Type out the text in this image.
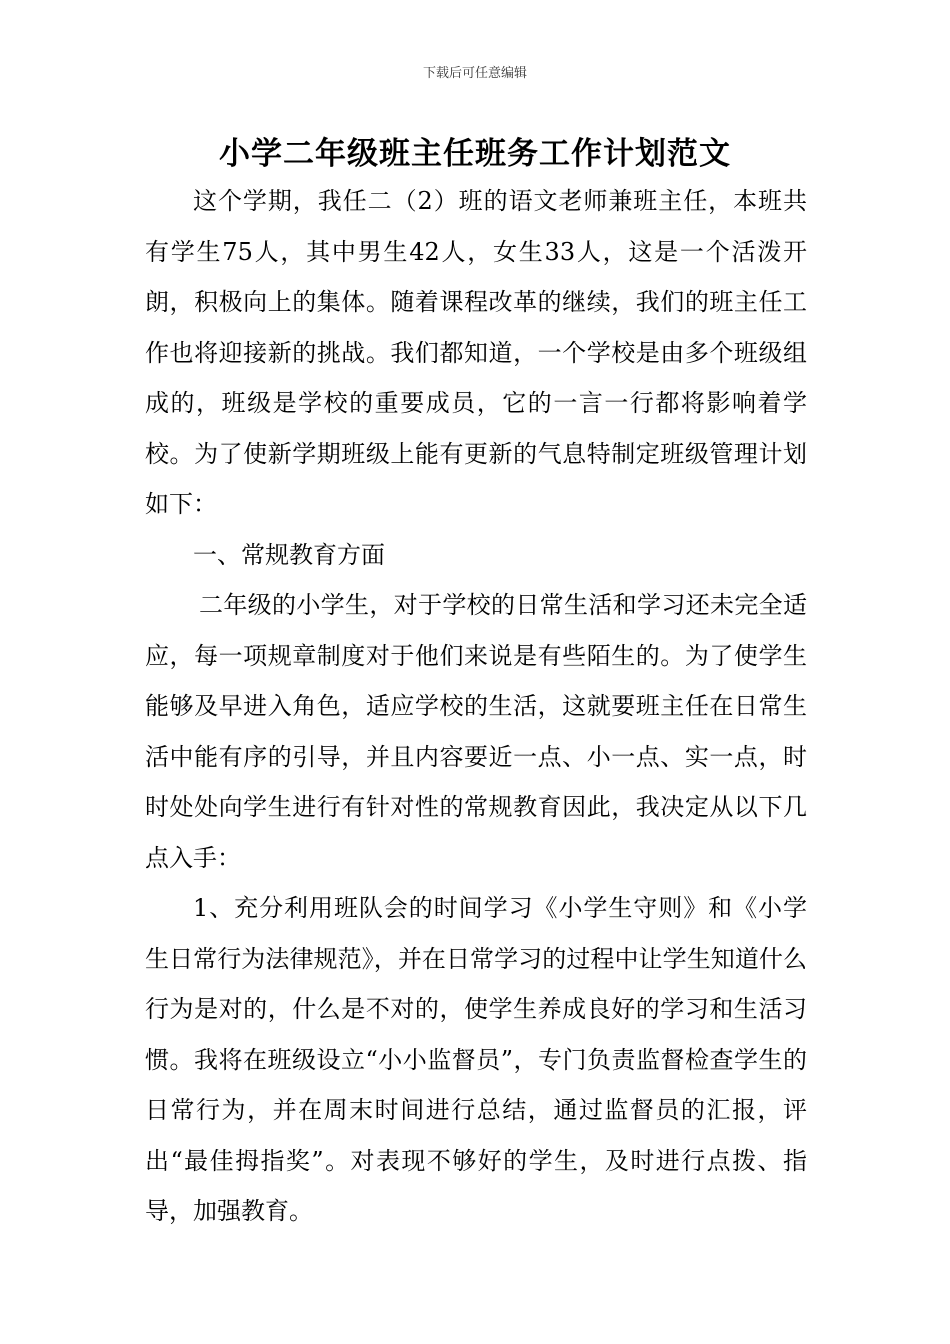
下载后可任意编辑
小学二年级班主任班务工作计划范文

这个学期，我任二（2）班的语文老师兼班主任，本班共有学生75人，其中男生42人，女生33人，这是一个活泼开朗，积极向上的集体。随着课程改革的继续，我们的班主任工作也将迎接新的挑战。我们都知道，一个学校是由多个班级组成的，班级是学校的重要成员，它的一言一行都将影响着学校。为了使新学期班级上能有更新的气息特制定班级管理计划如下：

一、常规教育方面

二年级的小学生，对于学校的日常生活和学习还未完全适应，每一项规章制度对于他们来说是有些陌生的。为了使学生能够及早进入角色，适应学校的生活，这就要班主任在日常生活中能有序的引导，并且内容要近一点、小一点、实一点，时时处处向学生进行有针对性的常规教育因此，我决定从以下几点入手：

1、充分利用班队会的时间学习《小学生守则》和《小学生日常行为法律规范》，并在日常学习的过程中让学生知道什么行为是对的，什么是不对的，使学生养成良好的学习和生活习惯。我将在班级设立“小小监督员”，专门负责监督检查学生的日常行为，并在周末时间进行总结，通过监督员的汇报，评出“最佳拇指奖”。对表现不够好的学生，及时进行点拨、指导，加强教育。
